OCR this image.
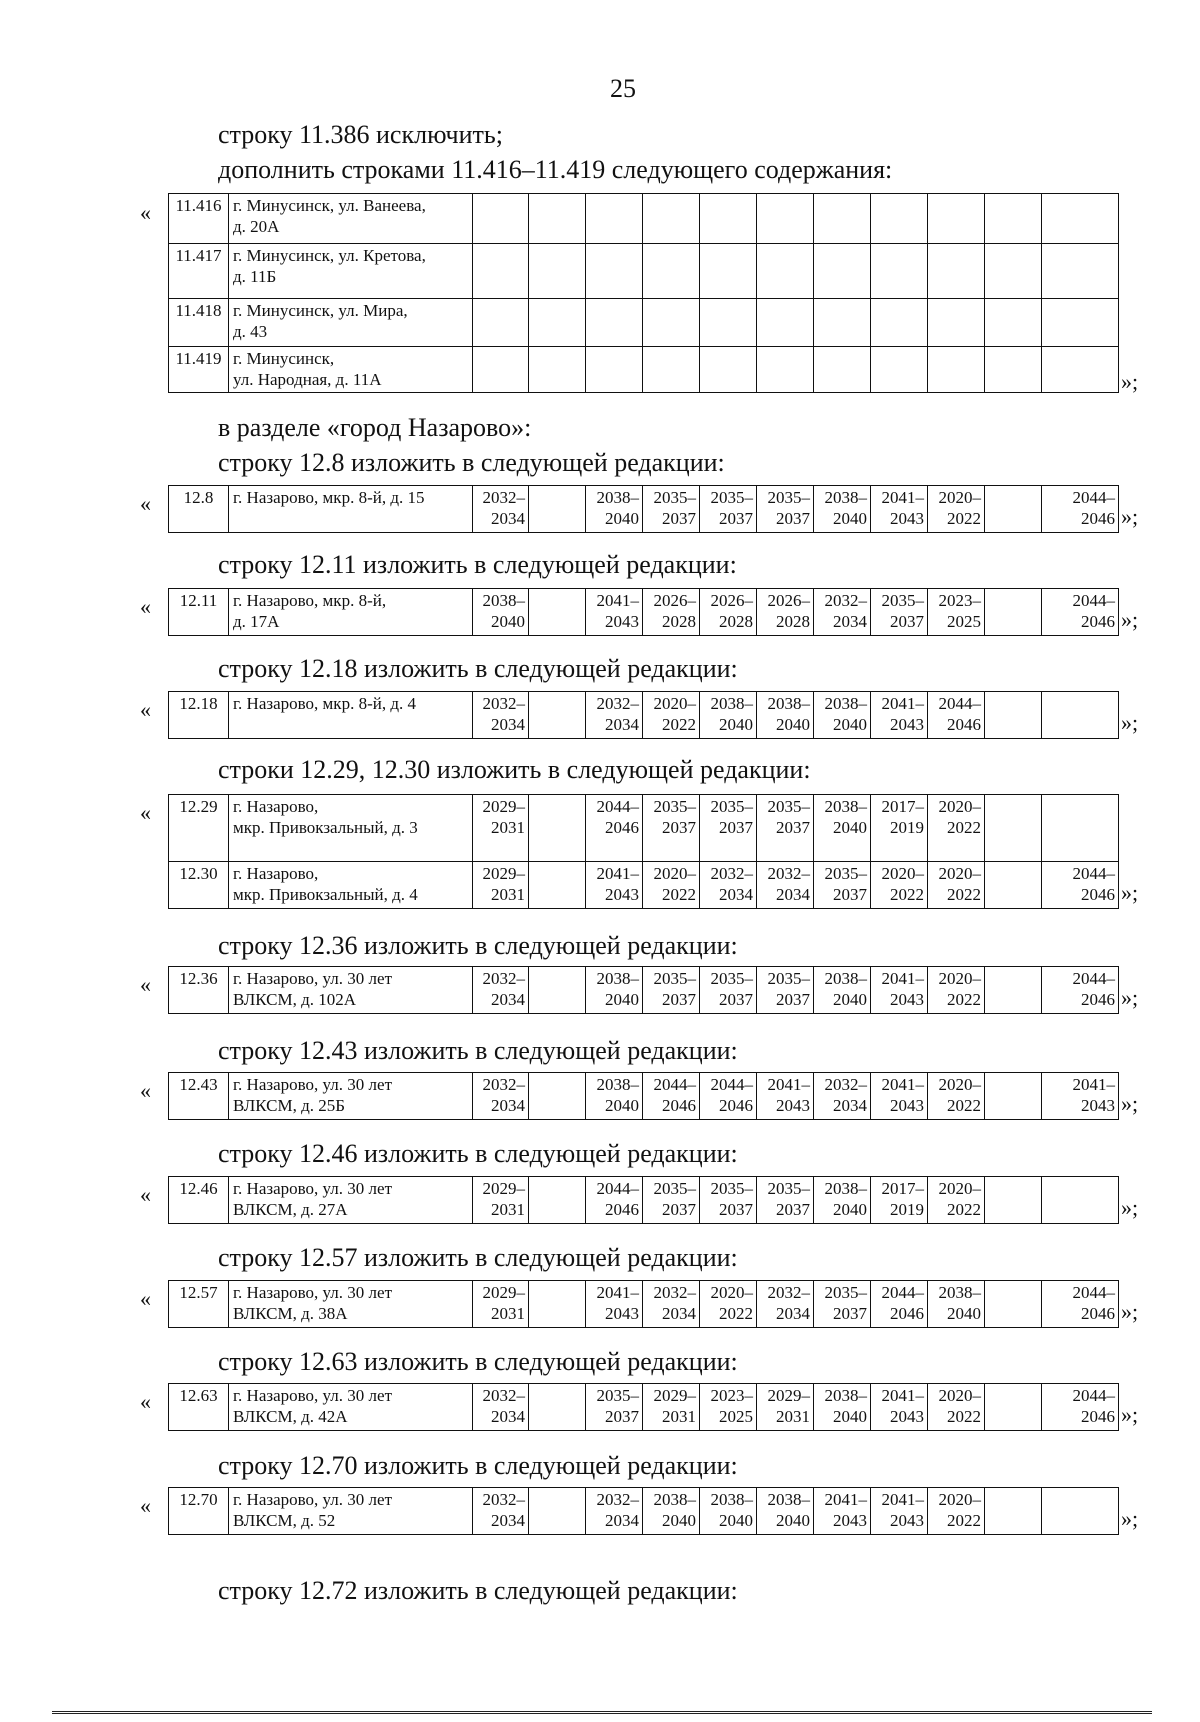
25
строку 11.386 исключить;
дополнить строками 11.416–11.419 следующего содержания:
« 11.416	г. Минусинск, ул. Ванеева,
д. 20А											
11.417	г. Минусинск, ул. Кретова,
д. 11Б											
11.418	г. Минусинск, ул. Мира,
д. 43											
11.419	г. Минусинск,
ул. Народная, д. 11А												»;
в разделе «город Назарово»:
строку 12.8 изложить в следующей редакции:
« 12.8	г. Назарово, мкр. 8-й, д. 15	2032–
2034		2038–
2040	2035–
2037	2035–
2037	2035–
2037	2038–
2040	2041–
2043	2020–
2022		2044–
2046 »;
строку 12.11 изложить в следующей редакции:
« 12.11	г. Назарово, мкр. 8-й,
д. 17А	2038–
2040		2041–
2043	2026–
2028	2026–
2028	2026–
2028	2032–
2034	2035–
2037	2023–
2025		2044–
2046 »;
строку 12.18 изложить в следующей редакции:
« 12.18	г. Назарово, мкр. 8-й, д. 4	2032–
2034		2032–
2034	2020–
2022	2038–
2040	2038–
2040	2038–
2040	2041–
2043	2044–
2046			»;
строки 12.29, 12.30 изложить в следующей редакции:
« 12.29	г. Назарово,
мкр. Привокзальный, д. 3	2029–
2031		2044–
2046	2035–
2037	2035–
2037	2035–
2037	2038–
2040	2017–
2019	2020–
2022		
12.30	г. Назарово,
мкр. Привокзальный, д. 4	2029–
2031		2041–
2043	2020–
2022	2032–
2034	2032–
2034	2035–
2037	2020–
2022	2020–
2022		2044–
2046 »;
строку 12.36 изложить в следующей редакции:
« 12.36	г. Назарово, ул. 30 лет
ВЛКСМ, д. 102А	2032–
2034		2038–
2040	2035–
2037	2035–
2037	2035–
2037	2038–
2040	2041–
2043	2020–
2022		2044–
2046 »;
строку 12.43 изложить в следующей редакции:
« 12.43	г. Назарово, ул. 30 лет
ВЛКСМ, д. 25Б	2032–
2034		2038–
2040	2044–
2046	2044–
2046	2041–
2043	2032–
2034	2041–
2043	2020–
2022		2041–
2043 »;
строку 12.46 изложить в следующей редакции:
« 12.46	г. Назарово, ул. 30 лет
ВЛКСМ, д. 27А	2029–
2031		2044–
2046	2035–
2037	2035–
2037	2035–
2037	2038–
2040	2017–
2019	2020–
2022			»;
строку 12.57 изложить в следующей редакции:
« 12.57	г. Назарово, ул. 30 лет
ВЛКСМ, д. 38А	2029–
2031		2041–
2043	2032–
2034	2020–
2022	2032–
2034	2035–
2037	2044–
2046	2038–
2040		2044–
2046 »;
строку 12.63 изложить в следующей редакции:
« 12.63	г. Назарово, ул. 30 лет
ВЛКСМ, д. 42А	2032–
2034		2035–
2037	2029–
2031	2023–
2025	2029–
2031	2038–
2040	2041–
2043	2020–
2022		2044–
2046 »;
строку 12.70 изложить в следующей редакции:
« 12.70	г. Назарово, ул. 30 лет
ВЛКСМ, д. 52	2032–
2034		2032–
2034	2038–
2040	2038–
2040	2038–
2040	2041–
2043	2041–
2043	2020–
2022			»;
строку 12.72 изложить в следующей редакции:
